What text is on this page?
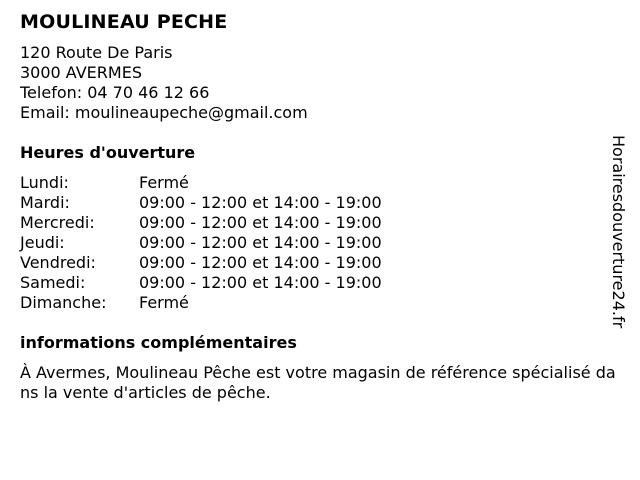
MOULINEAU PECHE
120 Route De Paris
3000 AVERMES
Telefon: 04 70 46 12 66
Email: moulineaupeche@gmail.com
Heures d'ouverture
Lundi:	Fermé
Mardi:	09:00 - 12:00 et 14:00 - 19:00
Mercredi:	09:00 - 12:00 et 14:00 - 19:00
Jeudi:	09:00 - 12:00 et 14:00 - 19:00
Vendredi:	09:00 - 12:00 et 14:00 - 19:00
Samedi:	09:00 - 12:00 et 14:00 - 19:00
Dimanche:	Fermé
informations complémentaires
À Avermes, Moulineau Pêche est votre magasin de référence spécialisé dans la vente d'articles de pêche.
Horairesdouverture24.fr
